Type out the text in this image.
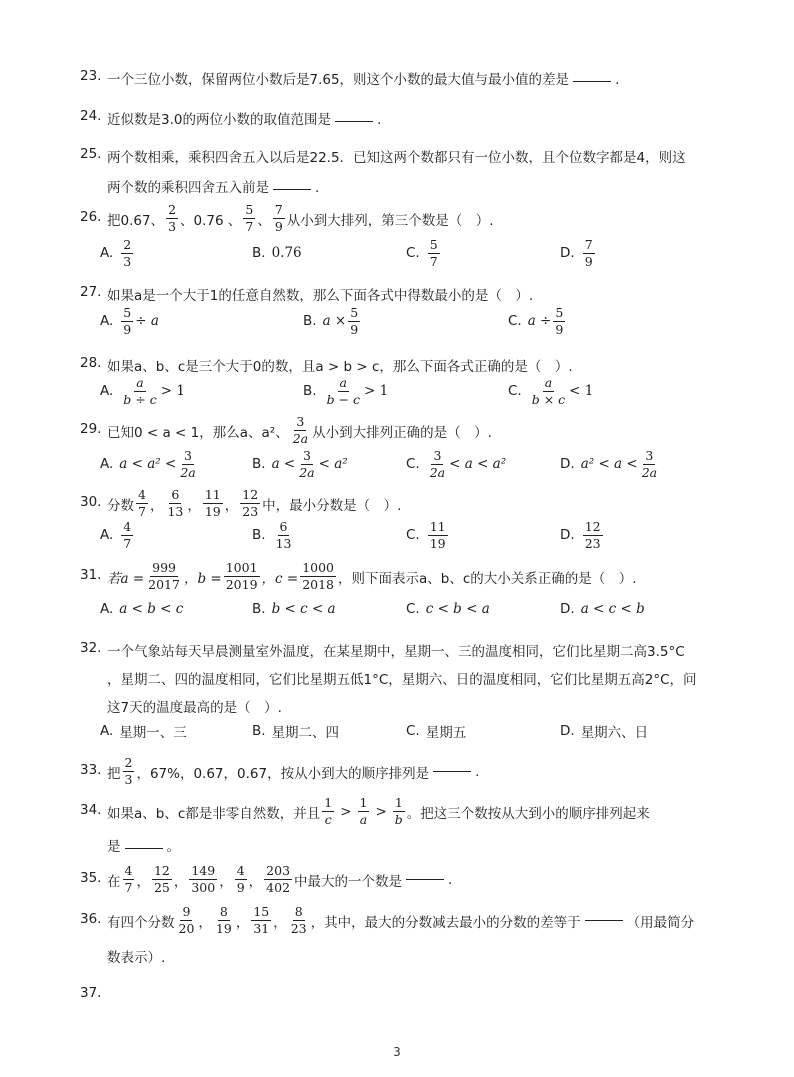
23. 一个三位小数，保留两位小数后是7.65，则这个小数的最大值与最小值的差是	.
24. 近似数是3.0的两位小数的取值范围是	.
25. 两个数相乘，乘积四舍五入以后是22.5．已知这两个数都只有一位小数，且个位数字都是4，则这
两个数的乘积四舍五入前是	.
26. 把0.67、 $\frac{2}{3}$ 、0.76 、 $\frac{5}{7}$ 、 $\frac{7}{9}$ 从小到大排列，第三个数是（　）.
A. $\frac{2}{3}$	B. 0.76	C. $\frac{5}{7}$	D. $\frac{7}{9}$
27. 如果a是一个大于1的任意自然数，那么下面各式中得数最小的是（　）.
A. $\frac{5}{9} \div a$	B. $a \times \frac{5}{9}$	C. $a \div \frac{5}{9}$
28. 如果a、b、c是三个大于0的数，且a > b > c，那么下面各式正确的是（　）.
A. $\frac{a}{b \div c} > 1$	B. $\frac{a}{b - c} > 1$	C. $\frac{a}{b \times c} < 1$
29. 已知0 < a < 1，那么a、a²、 $\frac{3}{2a}$ 从小到大排列正确的是（　）.
A. $a < a^2 < \frac{3}{2a}$	B. $a < \frac{3}{2a} < a^2$	C. $\frac{3}{2a} < a < a^2$	D. $a^2 < a < \frac{3}{2a}$
30. 分数 $\frac{4}{7}$ ， $\frac{6}{13}$ ， $\frac{11}{19}$ ， $\frac{12}{23}$ 中，最小分数是（　）.
A. $\frac{4}{7}$	B. $\frac{6}{13}$	C. $\frac{11}{19}$	D. $\frac{12}{23}$
31. 若$a = \frac{999}{2017}$ ，$b = \frac{1001}{2019}$ ，$c = \frac{1000}{2018}$ ，则下面表示a、b、c的大小关系正确的是（　）.
A. a < b < c	B. b < c < a	C. c < b < a	D. a < c < b
32. 一个气象站每天早晨测量室外温度，在某星期中，星期一、三的温度相同，它们比星期二高3.5°C
，星期二、四的温度相同，它们比星期五低1°C，星期六、日的温度相同，它们比星期五高2°C，问
这7天的温度最高的是（　）.
A. 星期一、三	B. 星期二、四	C. 星期五	D. 星期六、日
33. 把 $\frac{2}{3}$ ，67%，0.6̇7̇，0.67̇，按从小到大的顺序排列是	.
34. 如果a、b、c都是非零自然数，并且 $\frac{1}{c} > \frac{1}{a} > \frac{1}{b}$ 。把这三个数按从大到小的顺序排列起来
是	。
35. 在 $\frac{4}{7}$ ， $\frac{12}{25}$ ， $\frac{149}{300}$ ， $\frac{4}{9}$ ， $\frac{203}{402}$ 中最大的一个数是	.
36. 有四个分数 $\frac{9}{20}$ ， $\frac{8}{19}$ ， $\frac{15}{31}$ ， $\frac{8}{23}$ ，其中，最大的分数减去最小的分数的差等于	（用最简分
数表示）.
37.
3
